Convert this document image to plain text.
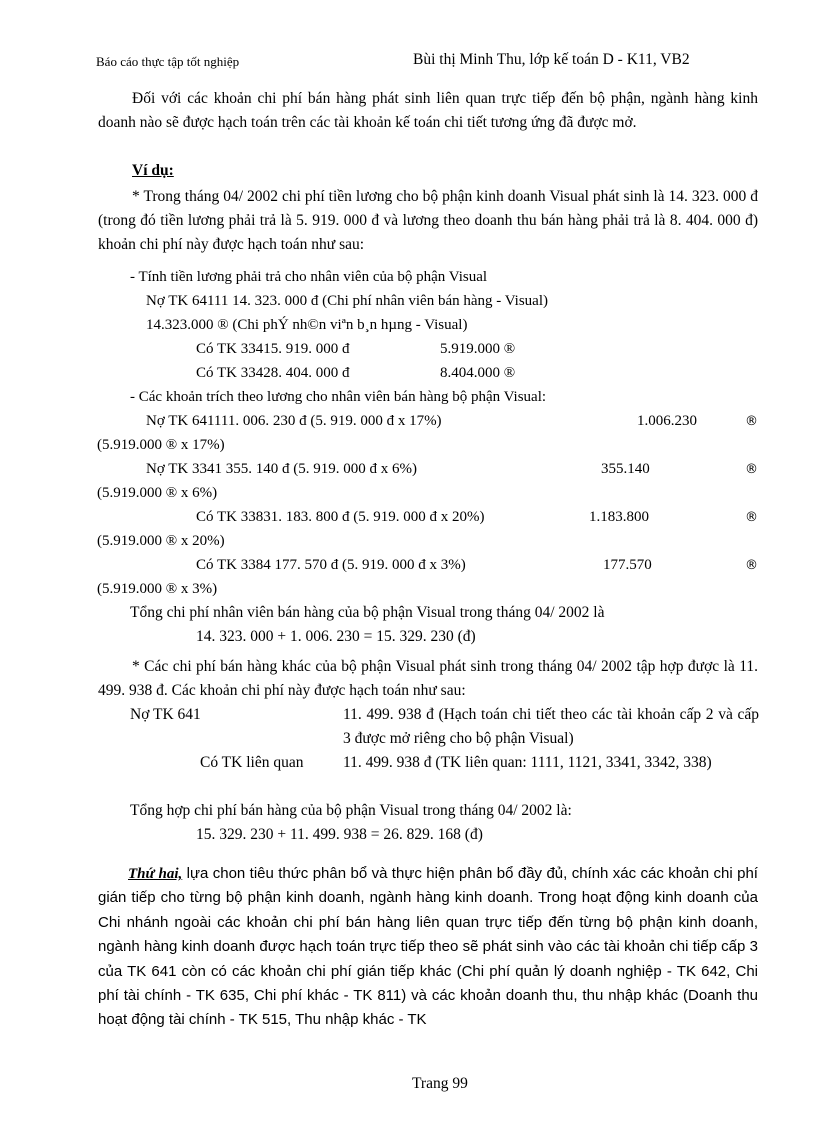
Báo cáo thực tập tốt nghiệp	Bùi thị Minh Thu, lớp kế toán D - K11, VB2
Đối với các khoản chi phí bán hàng phát sinh liên quan trực tiếp đến bộ phận, ngành hàng kinh doanh nào sẽ được hạch toán trên các tài khoản kế toán chi tiết tương ứng đã được mở.
Ví dụ:
* Trong tháng 04/ 2002 chi phí tiền lương cho bộ phận kinh doanh Visual phát sinh là 14. 323. 000 đ (trong đó tiền lương phải trả là 5. 919. 000 đ và lương theo doanh thu bán hàng phải trả là 8. 404. 000 đ) khoản chi phí này được hạch toán như sau:
- Tính tiền lương phải trả cho nhân viên của bộ phận Visual
Nợ TK 64111 14. 323. 000 đ (Chi phí nhân viên bán hàng - Visual)
14.323.000 ® (Chi phÝ nh©n viªn b¸n hµng - Visual)
Có TK 33415. 919. 000 đ	5.919.000 ®
Có TK 33428. 404. 000 đ	8.404.000 ®
- Các khoản trích theo lương cho nhân viên bán hàng bộ phận Visual:
Nợ TK 641111. 006. 230 đ (5. 919. 000 đ x 17%)	1.006.230	®
(5.919.000 ® x 17%)
Nợ TK 3341 355. 140 đ (5. 919. 000 đ x 6%)	355.140	®
(5.919.000 ® x 6%)
Có TK 33831. 183. 800 đ (5. 919. 000 đ x 20%)	1.183.800	®
(5.919.000 ® x 20%)
Có TK 3384 177. 570 đ (5. 919. 000 đ x 3%)	177.570	®
(5.919.000 ® x 3%)
Tổng chi phí nhân viên bán hàng của bộ phận Visual trong tháng 04/ 2002 là
14. 323. 000 + 1. 006. 230 = 15. 329. 230 (đ)
* Các chi phí bán hàng khác của bộ phận Visual phát sinh trong tháng 04/ 2002 tập hợp được là 11. 499. 938 đ. Các khoản chi phí này được hạch toán như sau:
Nợ TK 641	11. 499. 938 đ (Hạch toán chi tiết theo các tài khoản cấp 2 và cấp 3 được mở riêng cho bộ phận Visual)
Có TK liên quan	11. 499. 938 đ (TK liên quan: 1111, 1121, 3341, 3342, 338)
Tổng hợp chi phí bán hàng của bộ phận Visual trong tháng 04/ 2002 là:
15. 329. 230 + 11. 499. 938 = 26. 829. 168 (đ)
Thứ hai, lựa chon tiêu thức phân bổ và thực hiện phân bổ đầy đủ, chính xác các khoản chi phí gián tiếp cho từng bộ phận kinh doanh, ngành hàng kinh doanh. Trong hoạt động kinh doanh của Chi nhánh ngoài các khoản chi phí bán hàng liên quan trực tiếp đến từng bộ phận kinh doanh, ngành hàng kinh doanh được hạch toán trực tiếp theo sẽ phát sinh vào các tài khoản chi tiếp cấp 3 của TK 641 còn có các khoản chi phí gián tiếp khác (Chi phí quản lý doanh nghiệp - TK 642, Chi phí tài chính - TK 635, Chi phí khác - TK 811) và các khoản doanh thu, thu nhập khác (Doanh thu hoạt động tài chính - TK 515, Thu nhập khác - TK
Trang 99
